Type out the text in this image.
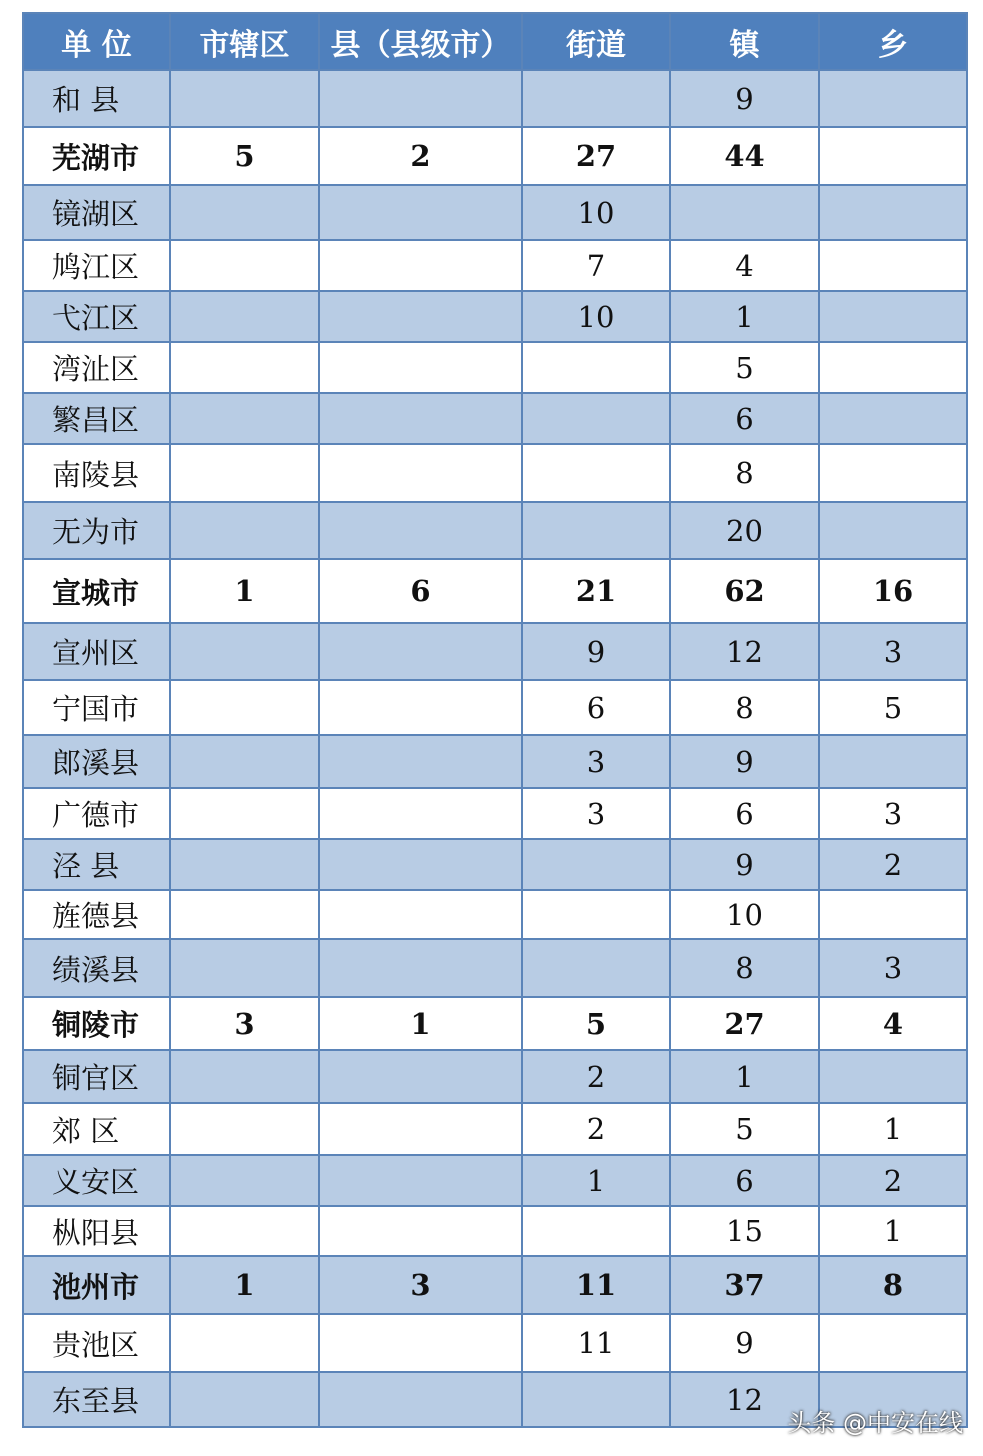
单 位	市辖区	县（县级市）	街道	镇	乡
和 县				9	
芜湖市	5	2	27	44	
镜湖区			10		
鸠江区			7	4	
弋江区			10	1	
湾沚区				5	
繁昌区				6	
南陵县				8	
无为市				20	
宣城市	1	6	21	62	16
宣州区			9	12	3
宁国市			6	8	5
郎溪县			3	9	
广德市			3	6	3
泾 县				9	2
旌德县				10	
绩溪县				8	3
铜陵市	3	1	5	27	4
铜官区			2	1	
郊 区			2	5	1
义安区			1	6	2
枞阳县				15	1
池州市	1	3	11	37	8
贵池区			11	9	
东至县				12	
头条 @中安在线
